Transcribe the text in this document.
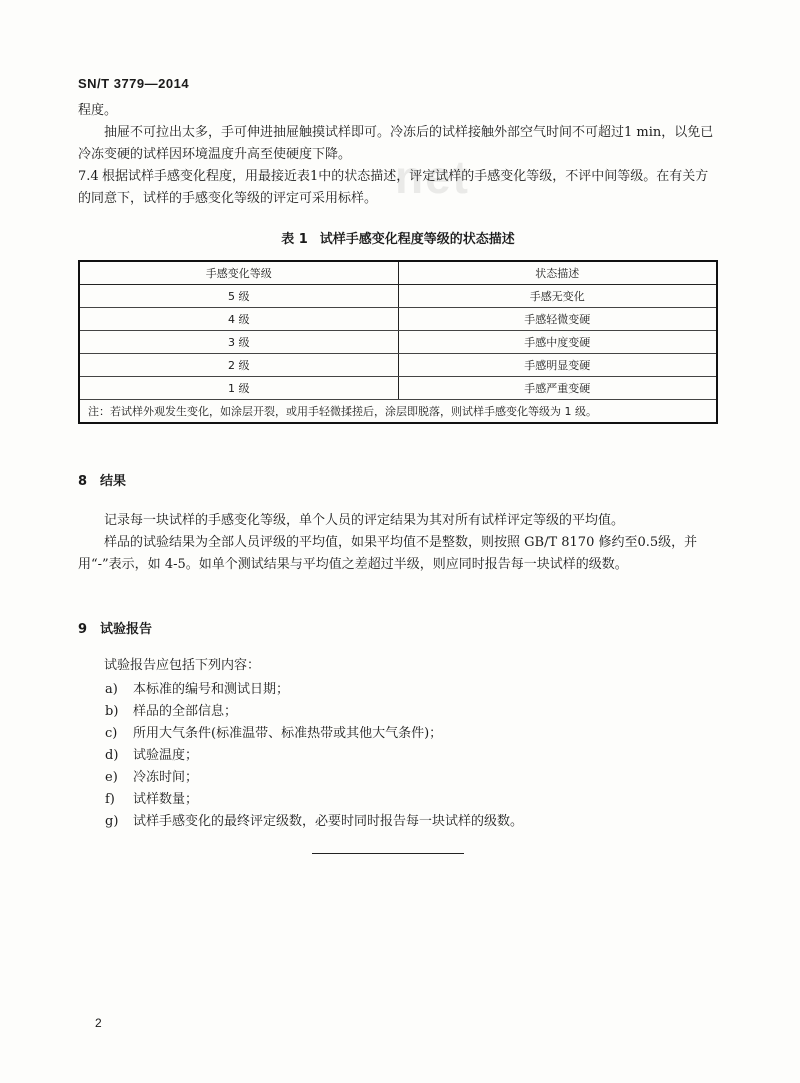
SN/T 3779—2014
net

程度。

抽屉不可拉出太多，手可伸进抽屉触摸试样即可。冷冻后的试样接触外部空气时间不可超过1 min，以免已冷冻变硬的试样因环境温度升高至使硬度下降。

7.4 根据试样手感变化程度，用最接近表1中的状态描述，评定试样的手感变化等级，不评中间等级。在有关方的同意下，试样的手感变化等级的评定可采用标样。

表 1 试样手感变化程度等级的状态描述
手感变化等级	状态描述
5 级	手感无变化
4 级	手感轻微变硬
3 级	手感中度变硬
2 级	手感明显变硬
1 级	手感严重变硬
注：若试样外观发生变化，如涂层开裂，或用手轻微揉搓后，涂层即脱落，则试样手感变化等级为 1 级。	
8 结果

记录每一块试样的手感变化等级，单个人员的评定结果为其对所有试样评定等级的平均值。

样品的试验结果为全部人员评级的平均值，如果平均值不是整数，则按照 GB/T 8170 修约至0.5级，并用“-”表示，如 4-5。如单个测试结果与平均值之差超过半级，则应同时报告每一块试样的级数。

9 试验报告
试验报告应包括下列内容：
a) 本标准的编号和测试日期；
b) 样品的全部信息；
c) 所用大气条件(标准温带、标准热带或其他大气条件)；
d) 试验温度；
e) 冷冻时间；
f) 试样数量；
g) 试样手感变化的最终评定级数，必要时同时报告每一块试样的级数。
2
